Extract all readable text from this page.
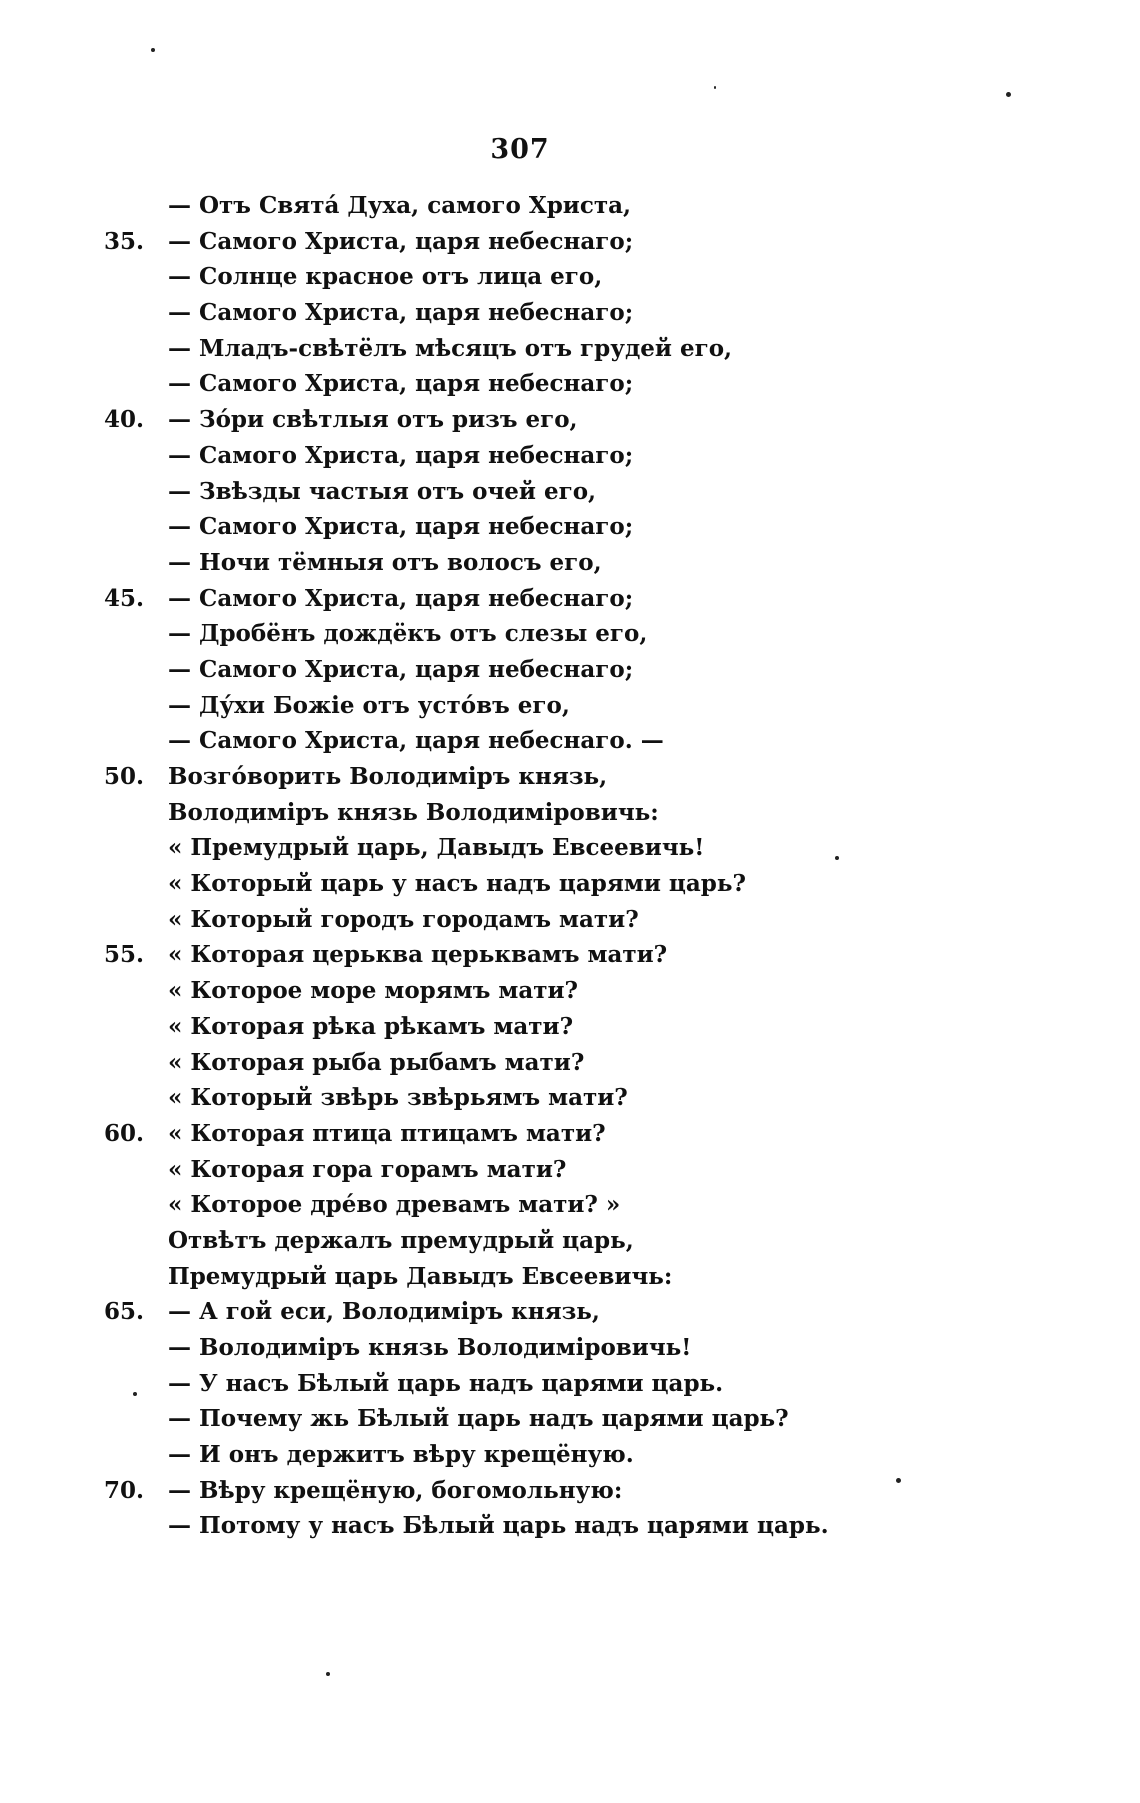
307
— Отъ Свята́ Духа, самого Христа,
35.	— Самого Христа, царя небеснаго;
— Солнце красное отъ лица его,
— Самого Христа, царя небеснаго;
— Младъ-свѣтёлъ мѣсяцъ отъ грудей его,
— Самого Христа, царя небеснаго;
40.	— Зо́ри свѣтлыя отъ ризъ его,
— Самого Христа, царя небеснаго;
— Звѣзды частыя отъ очей его,
— Самого Христа, царя небеснаго;
— Ночи тёмныя отъ волосъ его,
45.	— Самого Христа, царя небеснаго;
— Дробёнъ дождёкъ отъ слезы его,
— Самого Христа, царя небеснаго;
— Ду́хи Божіе отъ усто́въ его,
— Самого Христа, царя небеснаго. —
50.	Возго́ворить Володимiръ князь,
Володимiръ князь Володимiровичь:
« Премудрый царь, Давыдъ Евсеевичь!
« Который царь у насъ надъ царями царь?
« Который городъ городамъ мати?
55.	« Которая церьква церьквамъ мати?
« Которое море морямъ мати?
« Которая рѣка рѣкамъ мати?
« Которая рыба рыбамъ мати?
« Который звѣрь звѣрьямъ мати?
60.	« Которая птица птицамъ мати?
« Которая гора горамъ мати?
« Которое дре́во древамъ мати? »
Отвѣтъ держалъ премудрый царь,
Премудрый царь Давыдъ Евсеевичь:
65.	— А гой еси, Володимiръ князь,
— Володимiръ князь Володимiровичь!
— У насъ Бѣлый царь надъ царями царь.
— Почему жь Бѣлый царь надъ царями царь?
— И онъ держитъ вѣру крещёную.
70.	— Вѣру крещёную, богомольную:
— Потому у насъ Бѣлый царь надъ царями царь.
